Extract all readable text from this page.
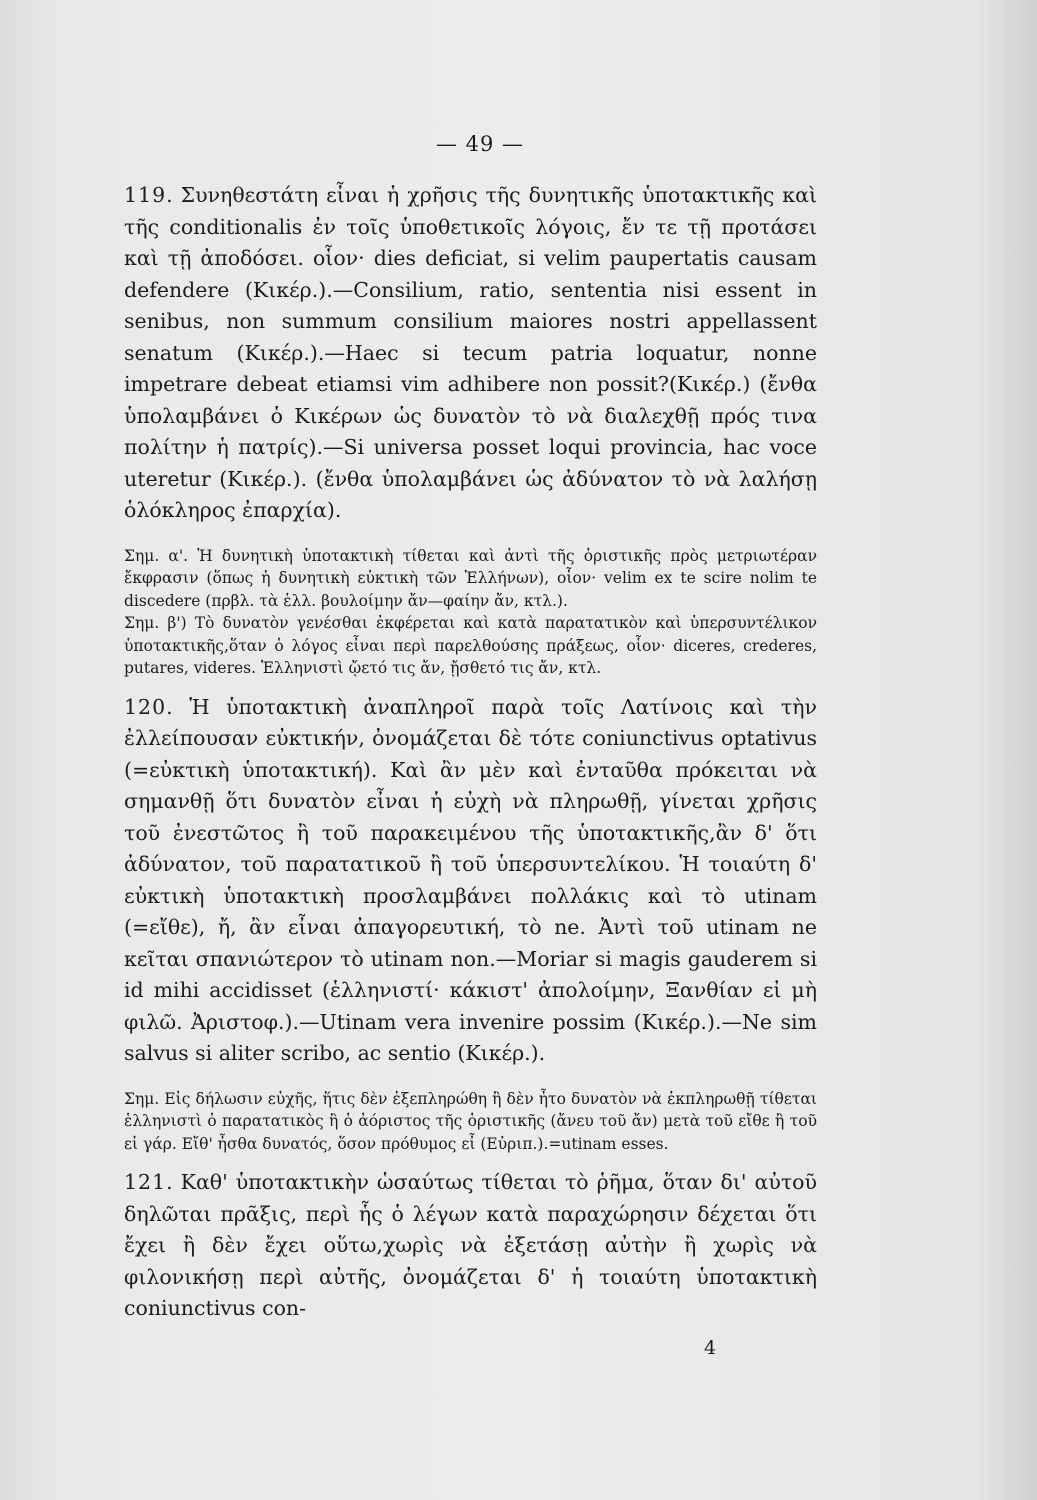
— 49 —

119. Συνηθεστάτη εἶναι ἡ χρῆσις τῆς δυνητικῆς ὑποτακτικῆς καὶ τῆς conditionalis ἐν τοῖς ὑποθετικοῖς λόγοις, ἔν τε τῇ προτάσει καὶ τῇ ἀποδόσει. οἷον· dies deficiat, si velim paupertatis causam defendere (Κικέρ.).—Consilium, ratio, sententia nisi essent in senibus, non summum consilium maiores nostri appellassent senatum (Κικέρ.).—Haec si tecum patria loquatur, nonne impetrare debeat etiamsi vim adhibere non possit?(Κικέρ.) (ἔνθα ὑπολαμβάνει ὁ Κικέρων ὡς δυνατὸν τὸ νὰ διαλεχθῇ πρός τινα πολίτην ἡ πατρίς).—Si universa posset loqui provincia, hac voce uteretur (Κικέρ.). (ἔνθα ὑπολαμβάνει ὡς ἀδύνατον τὸ νὰ λαλήσῃ ὁλόκληρος ἐπαρχία).

Σημ. α'. Ἡ δυνητικὴ ὑποτακτικὴ τίθεται καὶ ἀντὶ τῆς ὁριστικῆς πρὸς μετριωτέραν ἔκφρασιν (ὅπως ἡ δυνητικὴ εὐκτικὴ τῶν Ἑλλήνων), οἷον· velim ex te scire nolim te discedere (πρβλ. τὰ ἑλλ. βουλοίμην ἄν—φαίην ἄν, κτλ.).

Σημ. β') Τὸ δυνατὸν γενέσθαι ἐκφέρεται καὶ κατὰ παρατατικὸν καὶ ὑπερσυντέλικον ὑποτακτικῆς,ὅταν ὁ λόγος εἶναι περὶ παρελθούσης πράξεως, οἷον· diceres, crederes, putares, videres. Ἑλληνιστὶ ᾤετό τις ἄν, ᾔσθετό τις ἄν, κτλ.

120. Ἡ ὑποτακτικὴ ἀναπληροῖ παρὰ τοῖς Λατίνοις καὶ τὴν ἐλλείπουσαν εὐκτικήν, ὀνομάζεται δὲ τότε coniunctivus optativus (=εὐκτικὴ ὑποτακτική). Καὶ ἂν μὲν καὶ ἐνταῦθα πρόκειται νὰ σημανθῇ ὅτι δυνατὸν εἶναι ἡ εὐχὴ νὰ πληρωθῇ, γίνεται χρῆσις τοῦ ἐνεστῶτος ἢ τοῦ παρακειμένου τῆς ὑποτακτικῆς,ἂν δ' ὅτι ἀδύνατον, τοῦ παρατατικοῦ ἢ τοῦ ὑπερσυντελίκου. Ἡ τοιαύτη δ' εὐκτικὴ ὑποτακτικὴ προσλαμβάνει πολλάκις καὶ τὸ utinam (=εἴθε), ἤ, ἂν εἶναι ἀπαγορευτική, τὸ ne. Ἀντὶ τοῦ utinam ne κεῖται σπανιώτερον τὸ utinam non.—Moriar si magis gauderem si id mihi accidisset (ἑλληνιστί· κάκιστ' ἀπολοίμην, Ξανθίαν εἰ μὴ φιλῶ. Ἀριστοφ.).—Utinam vera invenire possim (Κικέρ.).—Ne sim salvus si aliter scribo, ac sentio (Κικέρ.).

Σημ. Εἰς δήλωσιν εὐχῆς, ἥτις δὲν ἐξεπληρώθη ἢ δὲν ἦτο δυνατὸν νὰ ἐκπληρωθῇ τίθεται ἑλληνιστὶ ὁ παρατατικὸς ἢ ὁ ἀόριστος τῆς ὁριστικῆς (ἄνευ τοῦ ἄν) μετὰ τοῦ εἴθε ἢ τοῦ εἰ γάρ. Εἴθ' ἦσθα δυνατός, ὅσον πρόθυμος εἶ (Εὐριπ.).=utinam esses.

121. Καθ' ὑποτακτικὴν ὡσαύτως τίθεται τὸ ῥῆμα, ὅταν δι' αὐτοῦ δηλῶται πρᾶξις, περὶ ἧς ὁ λέγων κατὰ παραχώρησιν δέχεται ὅτι ἔχει ἢ δὲν ἔχει οὕτω,χωρὶς νὰ ἐξετάσῃ αὐτὴν ἢ χωρὶς νὰ φιλονικήσῃ περὶ αὐτῆς, ὀνομάζεται δ' ἡ τοιαύτη ὑποτακτικὴ coniunctivus con-

4
